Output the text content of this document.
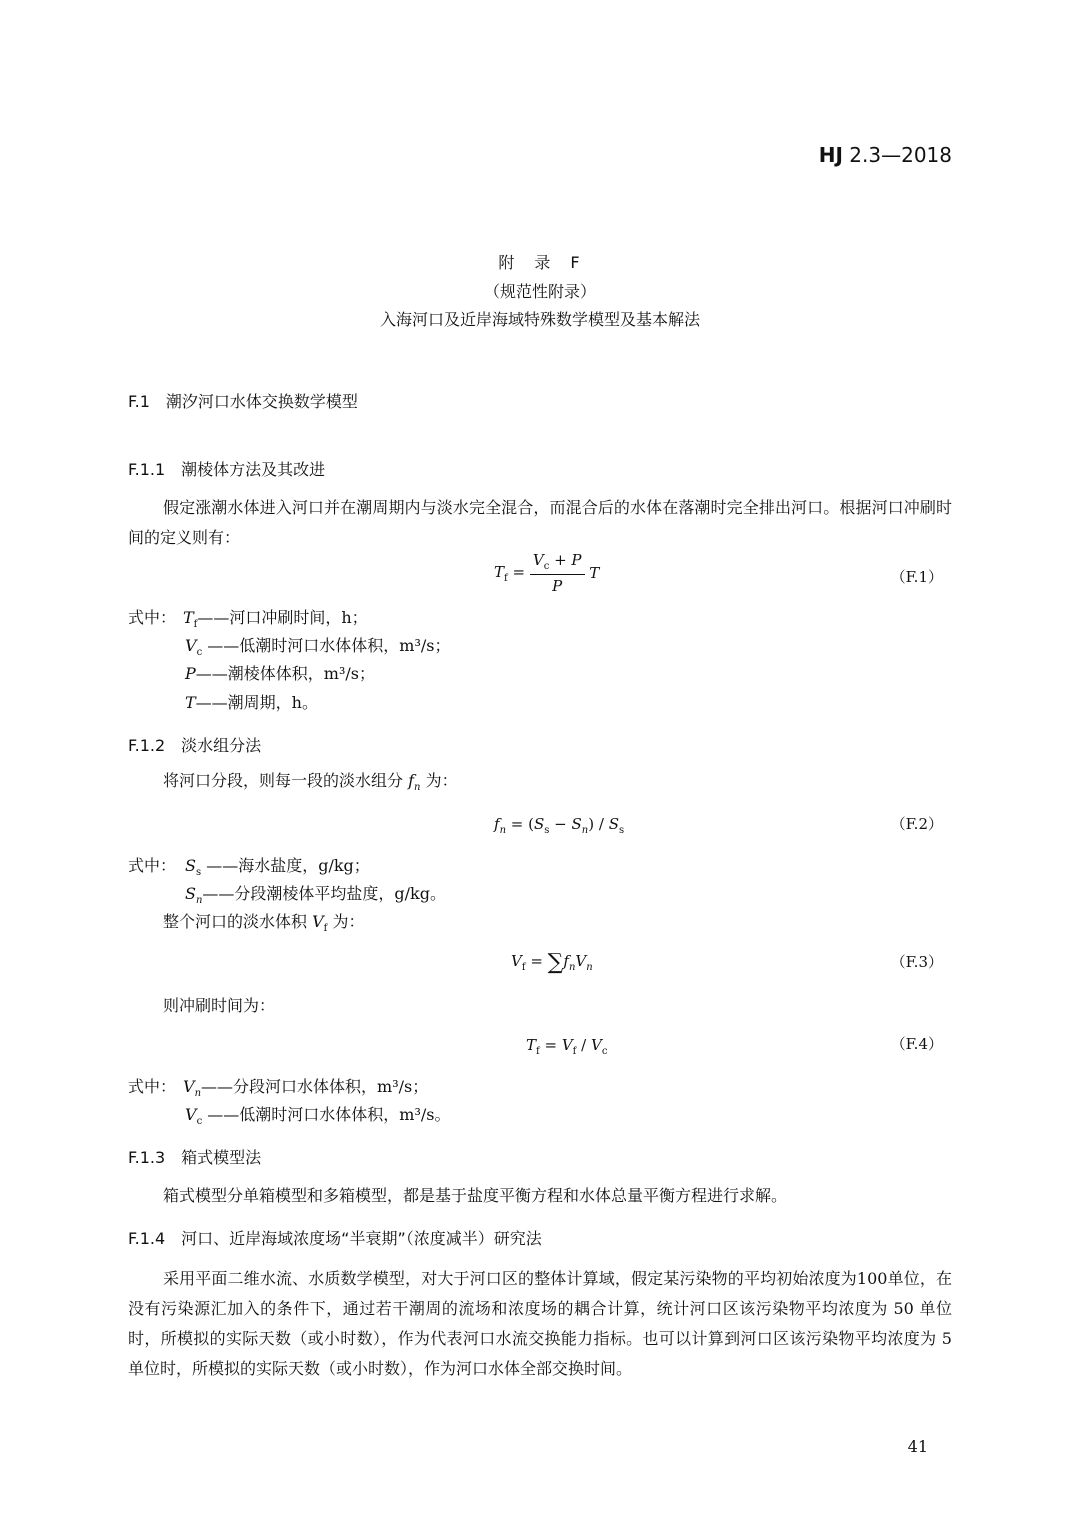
HJ 2.3—2018
附　录　F
（规范性附录）
入海河口及近岸海域特殊数学模型及基本解法
F.1　潮汐河口水体交换数学模型
F.1.1　潮棱体方法及其改进
假定涨潮水体进入河口并在潮周期内与淡水完全混合，而混合后的水体在落潮时完全排出河口。根据河口冲刷时间的定义则有：
$T_f = \frac{V_c + P}{P}$ T	（F.1）
式中： $T_f——$河口冲刷时间，h；
$V_c$ ——低潮时河口水体体积，m³/s；
P——潮棱体体积，m³/s；
T——潮周期，h。
F.1.2　淡水组分法
将河口分段，则每一段的淡水组分 $f_n$ 为：
$f_n = (S_s - S_n) / S_s$	（F.2）
式中： $S_s$ ——海水盐度，g/kg；
$S_n——$分段潮棱体平均盐度，g/kg。
整个河口的淡水体积 $V_f$ 为：
$V_f = \sum f_nV_n$	（F.3）
则冲刷时间为：
$T_f = V_f / V_c$	（F.4）
式中： $V_n——$分段河口水体体积，m³/s；
$V_c$ ——低潮时河口水体体积，m³/s。
F.1.3　箱式模型法
箱式模型分单箱模型和多箱模型，都是基于盐度平衡方程和水体总量平衡方程进行求解。
F.1.4　河口、近岸海域浓度场“半衰期”（浓度减半）研究法
采用平面二维水流、水质数学模型，对大于河口区的整体计算域，假定某污染物的平均初始浓度为100单位，在没有污染源汇加入的条件下，通过若干潮周的流场和浓度场的耦合计算，统计河口区该污染物平均浓度为 50 单位时，所模拟的实际天数（或小时数），作为代表河口水流交换能力指标。也可以计算到河口区该污染物平均浓度为 5 单位时，所模拟的实际天数（或小时数），作为河口水体全部交换时间。
41
